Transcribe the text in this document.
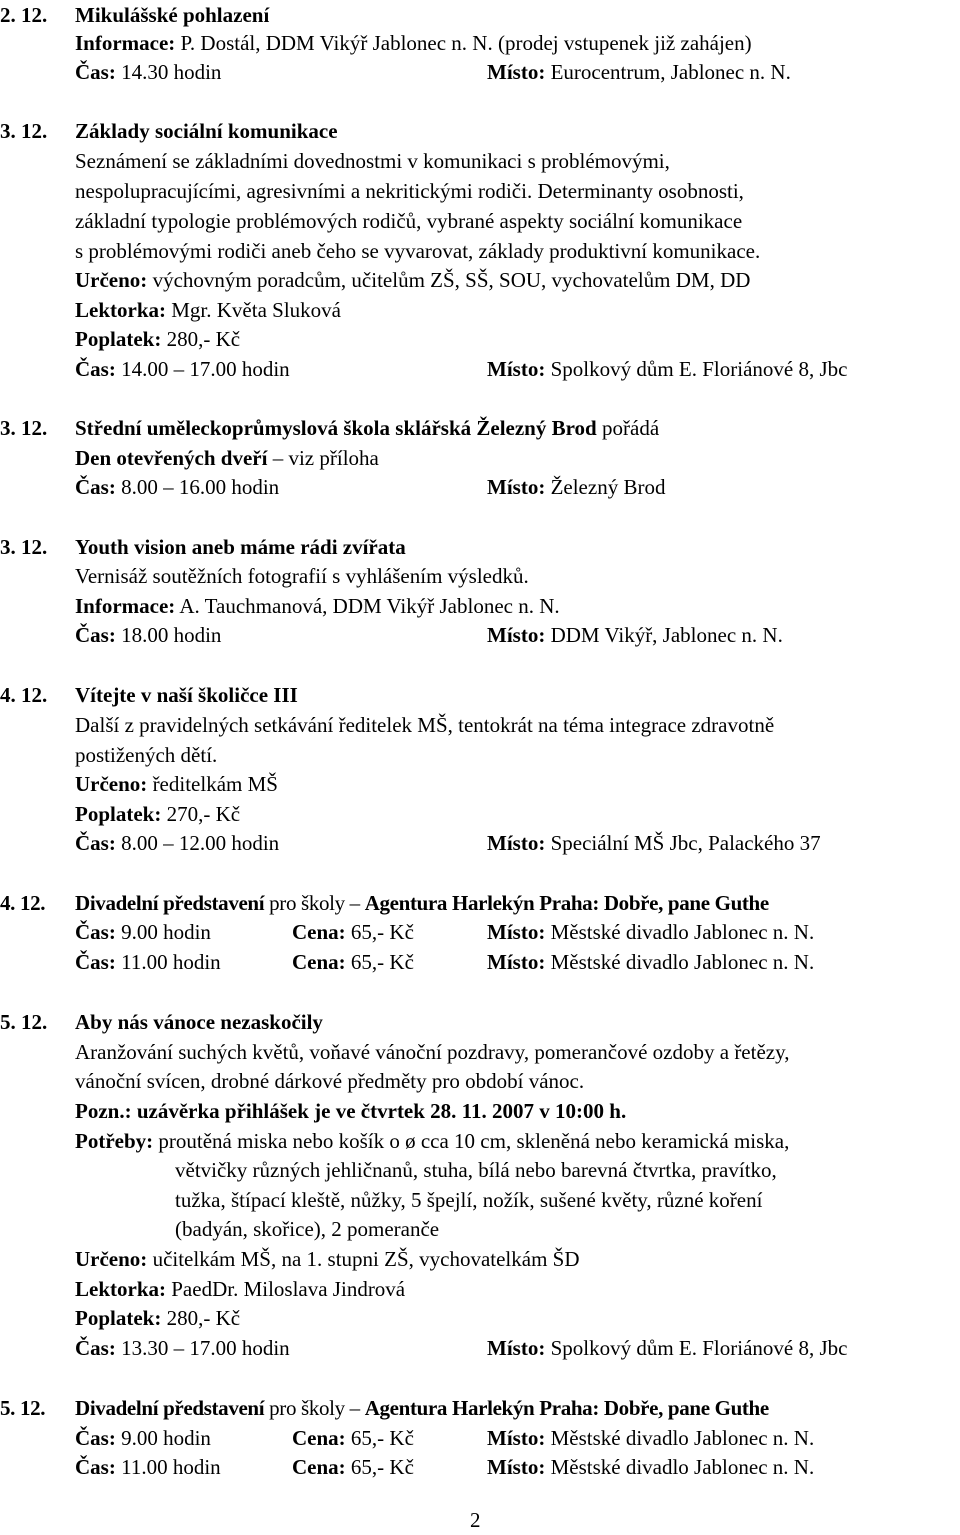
2. 12. Mikulášské pohlazení
Informace: P. Dostál, DDM Vikýř Jablonec n. N. (prodej vstupenek již zahájen)
Čas: 14.30 hodin	Místo: Eurocentrum, Jablonec n. N.
3. 12. Základy sociální komunikace
Seznámení se základními dovednostmi v komunikaci s problémovými,
nespolupracujícími, agresivními a nekritickými rodiči. Determinanty osobnosti,
základní typologie problémových rodičů, vybrané aspekty sociální komunikace
s problémovými rodiči aneb čeho se vyvarovat, základy produktivní komunikace.
Určeno: výchovným poradcům, učitelům ZŠ, SŠ, SOU, vychovatelům DM, DD
Lektorka: Mgr. Květa Sluková
Poplatek: 280,- Kč
Čas: 14.00 – 17.00 hodin	Místo: Spolkový dům E. Floriánové 8, Jbc
3. 12. Střední uměleckoprůmyslová škola sklářská Železný Brod pořádá
Den otevřených dveří – viz příloha
Čas: 8.00 – 16.00 hodin	Místo: Železný Brod
3. 12. Youth vision aneb máme rádi zvířata
Vernisáž soutěžních fotografií s vyhlášením výsledků.
Informace: A. Tauchmanová, DDM Vikýř Jablonec n. N.
Čas: 18.00 hodin	Místo: DDM Vikýř, Jablonec n. N.
4. 12. Vítejte v naší školičce III
Další z pravidelných setkávání ředitelek MŠ, tentokrát na téma integrace zdravotně
postižených dětí.
Určeno: ředitelkám MŠ
Poplatek: 270,- Kč
Čas: 8.00 – 12.00 hodin	Místo: Speciální MŠ Jbc, Palackého 37
4. 12. Divadelní představení pro školy – Agentura Harlekýn Praha: Dobře, pane Guthe
Čas: 9.00 hodin	Cena: 65,- Kč	Místo: Městské divadlo Jablonec n. N.
Čas: 11.00 hodin	Cena: 65,- Kč	Místo: Městské divadlo Jablonec n. N.
5. 12. Aby nás vánoce nezaskočily
Aranžování suchých květů, voňavé vánoční pozdravy, pomerančové ozdoby a řetězy,
vánoční svícen, drobné dárkové předměty pro období vánoc.
Pozn.: uzávěrka přihlášek je ve čtvrtek 28. 11. 2007 v 10:00 h.
Potřeby: proutěná miska nebo košík o ø cca 10 cm, skleněná nebo keramická miska,
větvičky různých jehličnanů, stuha, bílá nebo barevná čtvrtka, pravítko,
tužka, štípací kleště, nůžky, 5 špejlí, nožík, sušené květy, různé koření
(badyán, skořice), 2 pomeranče
Určeno: učitelkám MŠ, na 1. stupni ZŠ, vychovatelkám ŠD
Lektorka: PaedDr. Miloslava Jindrová
Poplatek: 280,- Kč
Čas: 13.30 – 17.00 hodin	Místo: Spolkový dům E. Floriánové 8, Jbc
5. 12. Divadelní představení pro školy – Agentura Harlekýn Praha: Dobře, pane Guthe
Čas: 9.00 hodin	Cena: 65,- Kč	Místo: Městské divadlo Jablonec n. N.
Čas: 11.00 hodin	Cena: 65,- Kč	Místo: Městské divadlo Jablonec n. N.
2
